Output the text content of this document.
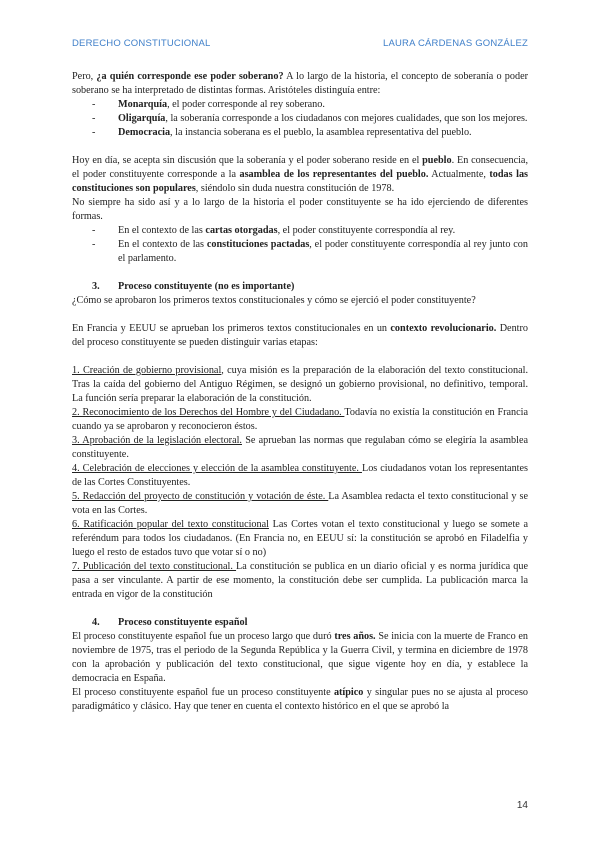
DERECHO CONSTITUCIONAL	LAURA CÁRDENAS GONZÁLEZ

Pero, ¿a quién corresponde ese poder soberano? A lo largo de la historia, el concepto de soberanía o poder soberano se ha interpretado de distintas formas. Aristóteles distinguía entre:

- Monarquía, el poder corresponde al rey soberano.
- Oligarquía, la soberanía corresponde a los ciudadanos con mejores cualidades, que son los mejores.
- Democracia, la instancia soberana es el pueblo, la asamblea representativa del pueblo.

Hoy en día, se acepta sin discusión que la soberanía y el poder soberano reside en el pueblo. En consecuencia, el poder constituyente corresponde a la asamblea de los representantes del pueblo. Actualmente, todas las constituciones son populares, siéndolo sin duda nuestra constitución de 1978.

No siempre ha sido así y a lo largo de la historia el poder constituyente se ha ido ejerciendo de diferentes formas.

- En el contexto de las cartas otorgadas, el poder constituyente correspondía al rey.
- En el contexto de las constituciones pactadas, el poder constituyente correspondía al rey junto con el parlamento.
3. Proceso constituyente (no es importante)

¿Cómo se aprobaron los primeros textos constitucionales y cómo se ejerció el poder constituyente?

En Francia y EEUU se aprueban los primeros textos constitucionales en un contexto revolucionario. Dentro del proceso constituyente se pueden distinguir varias etapas:

1. Creación de gobierno provisional, cuya misión es la preparación de la elaboración del texto constitucional. Tras la caída del gobierno del Antiguo Régimen, se designó un gobierno provisional, no definitivo, temporal. La función sería preparar la elaboración de la constitución.

2. Reconocimiento de los Derechos del Hombre y del Ciudadano. Todavía no existía la constitución en Francia cuando ya se aprobaron y reconocieron éstos.

3. Aprobación de la legislación electoral. Se aprueban las normas que regulaban cómo se elegiría la asamblea constituyente.

4. Celebración de elecciones y elección de la asamblea constituyente. Los ciudadanos votan los representantes de las Cortes Constituyentes.

5. Redacción del proyecto de constitución y votación de éste. La Asamblea redacta el texto constitucional y se vota en las Cortes.

6. Ratificación popular del texto constitucional Las Cortes votan el texto constitucional y luego se somete a referéndum para todos los ciudadanos. (En Francia no, en EEUU sí: la constitución se aprobó en Filadelfia y luego el resto de estados tuvo que votar sí o no)

7. Publicación del texto constitucional. La constitución se publica en un diario oficial y es norma jurídica que pasa a ser vinculante. A partir de ese momento, la constitución debe ser cumplida. La publicación marca la entrada en vigor de la constitución

4. Proceso constituyente español

El proceso constituyente español fue un proceso largo que duró tres años. Se inicia con la muerte de Franco en noviembre de 1975, tras el periodo de la Segunda República y la Guerra Civil, y termina en diciembre de 1978 con la aprobación y publicación del texto constitucional, que sigue vigente hoy en día, y establece la democracia en España.

El proceso constituyente español fue un proceso constituyente atípico y singular pues no se ajusta al proceso paradigmático y clásico. Hay que tener en cuenta el contexto histórico en el que se aprobó la

14
